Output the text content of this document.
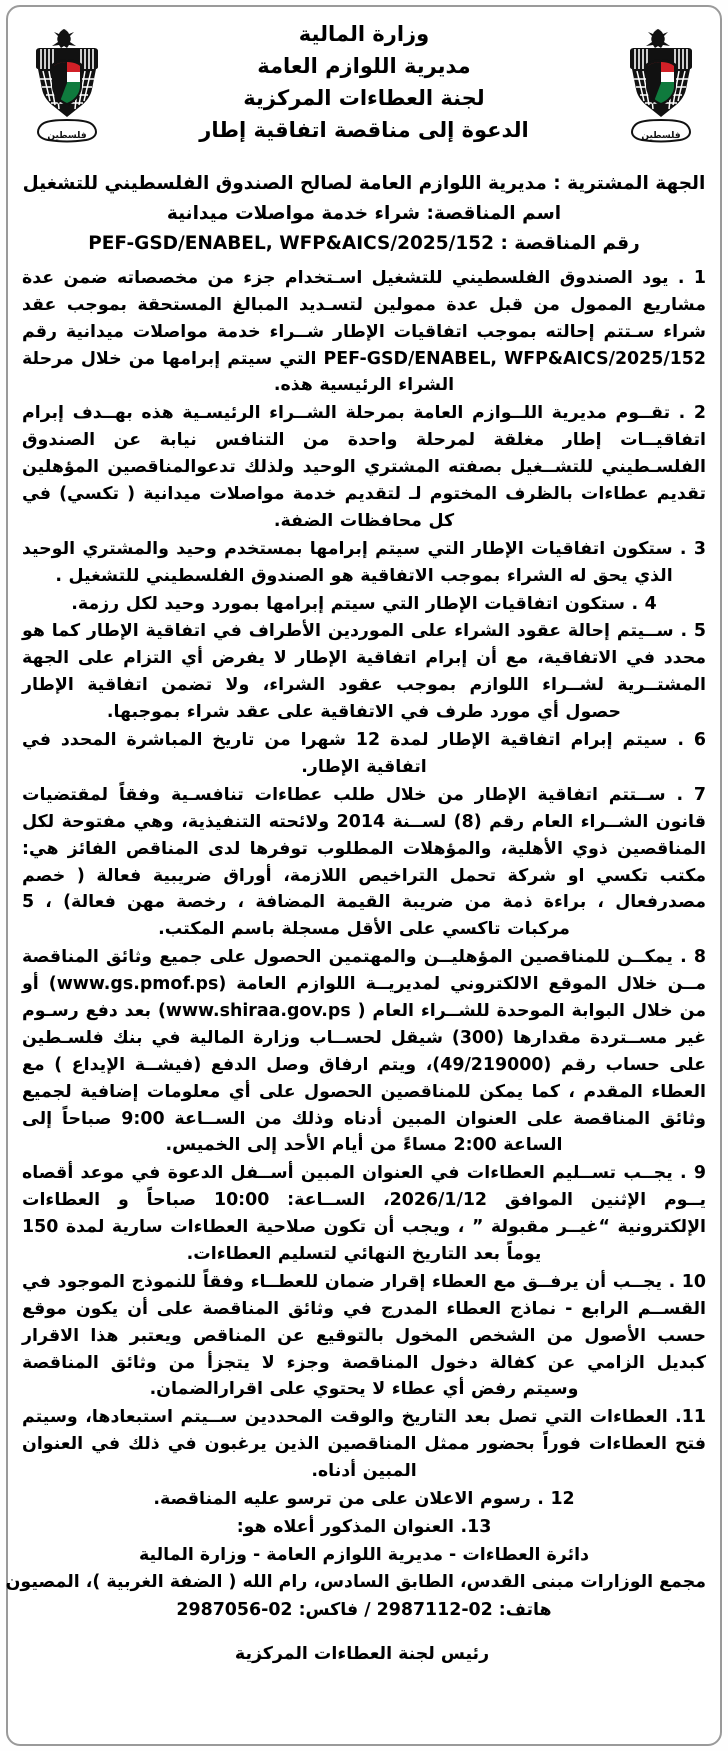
فلسطين
فلسطين
وزارة المالية
مديرية اللوازم العامة
لجنة العطاءات المركزية
الدعوة إلى مناقصة اتفاقية إطار
الجهة المشترية : مديرية اللوازم العامة لصالح الصندوق الفلسطيني للتشغيل
اسم المناقصة: شراء خدمة مواصلات ميدانية
رقم المناقصة : PEF-GSD/ENABEL, WFP&AICS/2025/152

1 . يود الصندوق الفلسطيني للتشغيل اسـتخدام جزء من مخصصاته ضمن عدة مشاريع الممول من قبل عدة ممولين لتسـديد المبالغ المستحقة بموجب عقد شراء سـتتم إحالته بموجب اتفاقيات الإطار شــراء خدمة مواصلات ميدانية رقم PEF-GSD/ENABEL, WFP&AICS/2025/152 التي سيتم إبرامها من خلال مرحلة الشراء الرئيسية هذه.

2 . تقــوم مديرية اللــوازم العامة بمرحلة الشــراء الرئيسـية هذه بهــدف إبرام اتفاقيــات إطار مغلقة لمرحلة واحدة من التنافس نيابة عن الصندوق الفلسـطيني للتشــغيل بصفته المشتري الوحيد ولذلك تدعوالمناقصين المؤهلين تقديم عطاءات بالظرف المختوم لـ لتقديم خدمة مواصلات ميدانية ( تكسي) في كل محافظات الضفة.

3 . ستكون اتفاقيات الإطار التي سيتم إبرامها بمستخدم وحيد والمشتري الوحيد الذي يحق له الشراء بموجب الاتفاقية هو الصندوق الفلسطيني للتشغيل .

4 . ستكون اتفاقيات الإطار التي سيتم إبرامها بمورد وحيد لكل رزمة.

5 . ســيتم إحالة عقود الشراء على الموردين الأطراف في اتفاقية الإطار كما هو محدد في الاتفاقية، مع أن إبرام اتفاقية الإطار لا يفرض أي التزام على الجهة المشتــرية لشــراء اللوازم بموجب عقود الشراء، ولا تضمن اتفاقية الإطار حصول أي مورد طرف في الاتفاقية على عقد شراء بموجبها.

6 . سيتم إبرام اتفاقية الإطار لمدة 12 شهرا من تاريخ المباشرة المحدد في اتفاقية الإطار.

7 . ســتتم اتفاقية الإطار من خلال طلب عطاءات تنافسـية وفقاً لمقتضيات قانون الشــراء العام رقم (8) لســنة 2014 ولائحته التنفيذية، وهي مفتوحة لكل المناقصين ذوي الأهلية، والمؤهلات المطلوب توفرها لدى المناقص الفائز هي: مكتب تكسي او شركة تحمل التراخيص اللازمة، أوراق ضريبية فعالة ( خصم مصدرفعال ، براءة ذمة من ضريبة القيمة المضافة ، رخصة مهن فعالة) ، 5 مركبات تاكسي على الأقل مسجلة باسم المكتب.

8 . يمكــن للمناقصين المؤهليــن والمهتمين الحصول على جميع وثائق المناقصة مــن خلال الموقع الالكتروني لمديريــة اللوازم العامة (www.gs.pmof.ps) أو من خلال البوابة الموحدة للشــراء العام ( www.shiraa.gov.ps) بعد دفع رسـوم غير مســتردة مقدارها (300) شيقل لحســاب وزارة المالية في بنك فلسـطين على حساب رقم (49/219000)، ويتم ارفاق وصل الدفع (فيشــة الإيداع ) مع العطاء المقدم ، كما يمكن للمناقصين الحصول على أي معلومات إضافية لجميع وثائق المناقصة على العنوان المبين أدناه وذلك من الســاعة 9:00 صباحاً إلى الساعة 2:00 مساءً من أيام الأحد إلى الخميس.

9 . يجــب تســليم العطاءات في العنوان المبين أســفل الدعوة في موعد أقصاه يــوم الإثنين الموافق 2026/1/12، الســاعة: 10:00 صباحاً و العطاءات الإلكترونية “غيــر مقبولة ” ، ويجب أن تكون صلاحية العطاءات سارية لمدة 150 يوماً بعد التاريخ النهائي لتسليم العطاءات.

10 . يجــب أن يرفــق مع العطاء إقرار ضمان للعطــاء وفقاً للنموذج الموجود في القســم الرابع - نماذج العطاء المدرج في وثائق المناقصة على أن يكون موقع حسب الأصول من الشخص المخول بالتوقيع عن المناقص ويعتبر هذا الاقرار كبديل الزامي عن كفالة دخول المناقصة وجزء لا يتجزأ من وثائق المناقصة وسيتم رفض أي عطاء لا يحتوي على اقرارالضمان.

11. العطاءات التي تصل بعد التاريخ والوقت المحددين ســيتم استبعادها، وسيتم فتح العطاءات فوراً بحضور ممثل المناقصين الذين يرغبون في ذلك في العنوان المبين أدناه.

12 . رسوم الاعلان على من ترسو عليه المناقصة.

13. العنوان المذكور أعلاه هو:

دائرة العطاءات - مديرية اللوازم العامة - وزارة المالية
مجمع الوزارات مبنى القدس، الطابق السادس، رام الله ( الضفة الغربية )، المصيون
هاتف: 02-2987112 / فاكس: 02-2987056
رئيس لجنة العطاءات المركزية
